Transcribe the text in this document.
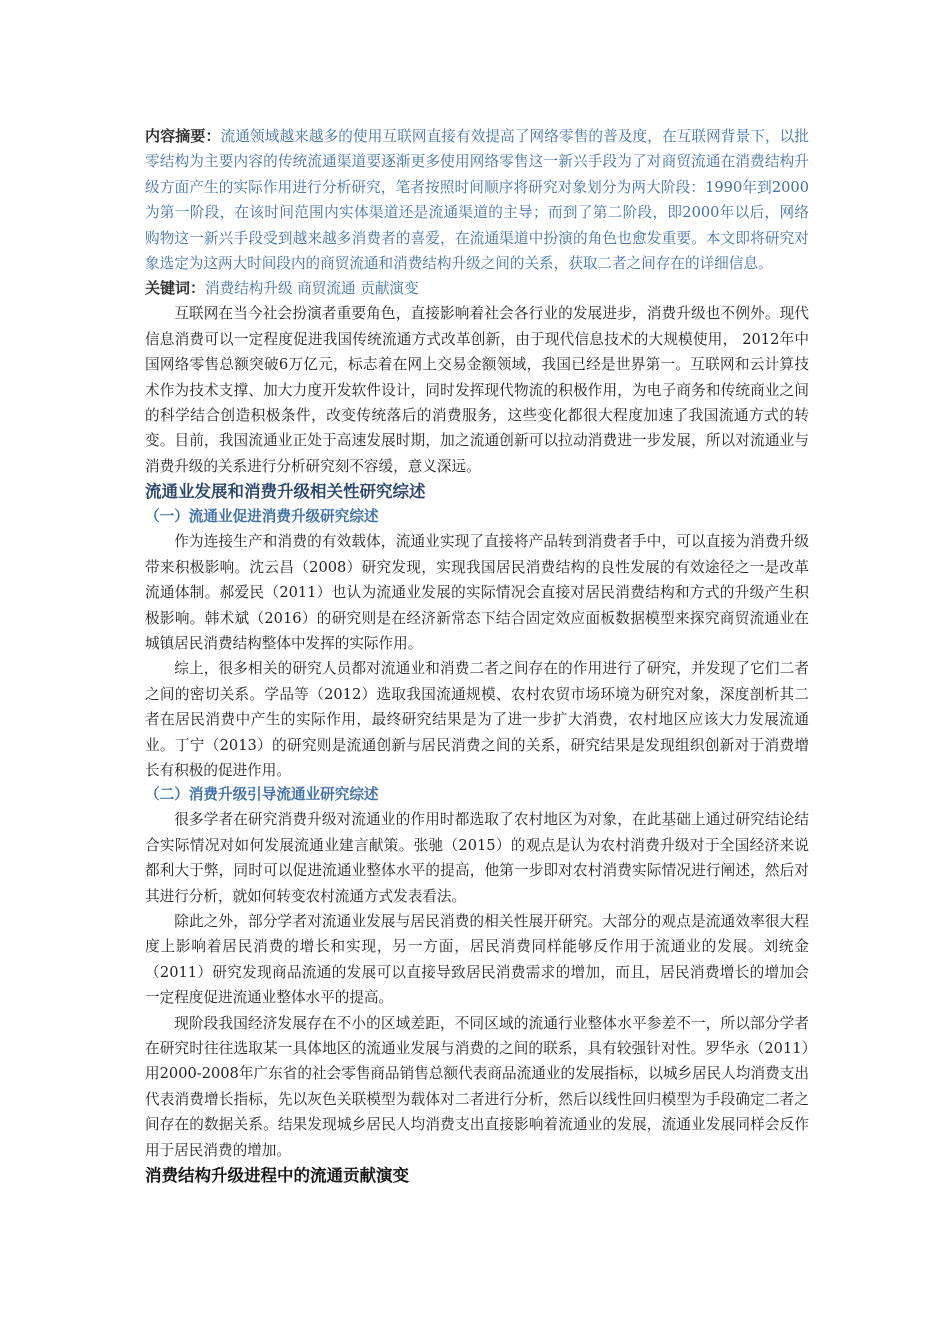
内容摘要：流通领域越来越多的使用互联网直接有效提高了网络零售的普及度，在互联网背景下，以批零结构为主要内容的传统流通渠道要逐渐更多使用网络零售这一新兴手段为了对商贸流通在消费结构升级方面产生的实际作用进行分析研究，笔者按照时间顺序将研究对象划分为两大阶段：1990年到2000为第一阶段，在该时间范围内实体渠道还是流通渠道的主导；而到了第二阶段，即2000年以后，网络购物这一新兴手段受到越来越多消费者的喜爱，在流通渠道中扮演的角色也愈发重要。本文即将研究对象选定为这两大时间段内的商贸流通和消费结构升级之间的关系，获取二者之间存在的详细信息。

关键词：消费结构升级 商贸流通 贡献演变

互联网在当今社会扮演者重要角色，直接影响着社会各行业的发展进步，消费升级也不例外。现代信息消费可以一定程度促进我国传统流通方式改革创新，由于现代信息技术的大规模使用， 2012年中国网络零售总额突破6万亿元，标志着在网上交易金额领域，我国已经是世界第一。互联网和云计算技术作为技术支撑、加大力度开发软件设计，同时发挥现代物流的积极作用，为电子商务和传统商业之间的科学结合创造积极条件，改变传统落后的消费服务，这些变化都很大程度加速了我国流通方式的转变。目前，我国流通业正处于高速发展时期，加之流通创新可以拉动消费进一步发展，所以对流通业与消费升级的关系进行分析研究刻不容缓，意义深远。

流通业发展和消费升级相关性研究综述
（一）流通业促进消费升级研究综述

作为连接生产和消费的有效载体，流通业实现了直接将产品转到消费者手中，可以直接为消费升级带来积极影响。沈云昌（2008）研究发现，实现我国居民消费结构的良性发展的有效途径之一是改革流通体制。郝爱民（2011）也认为流通业发展的实际情况会直接对居民消费结构和方式的升级产生积极影响。韩术斌（2016）的研究则是在经济新常态下结合固定效应面板数据模型来探究商贸流通业在城镇居民消费结构整体中发挥的实际作用。

综上，很多相关的研究人员都对流通业和消费二者之间存在的作用进行了研究，并发现了它们二者之间的密切关系。学品等（2012）选取我国流通规模、农村农贸市场环境为研究对象，深度剖析其二者在居民消费中产生的实际作用，最终研究结果是为了进一步扩大消费，农村地区应该大力发展流通业。丁宁（2013）的研究则是流通创新与居民消费之间的关系，研究结果是发现组织创新对于消费增长有积极的促进作用。

（二）消费升级引导流通业研究综述

很多学者在研究消费升级对流通业的作用时都选取了农村地区为对象，在此基础上通过研究结论结合实际情况对如何发展流通业建言献策。张驰（2015）的观点是认为农村消费升级对于全国经济来说都利大于弊，同时可以促进流通业整体水平的提高，他第一步即对农村消费实际情况进行阐述，然后对其进行分析，就如何转变农村流通方式发表看法。

除此之外，部分学者对流通业发展与居民消费的相关性展开研究。大部分的观点是流通效率很大程度上影响着居民消费的增长和实现，另一方面，居民消费同样能够反作用于流通业的发展。刘统金（2011）研究发现商品流通的发展可以直接导致居民消费需求的增加，而且，居民消费增长的增加会一定程度促进流通业整体水平的提高。

现阶段我国经济发展存在不小的区域差距，不同区域的流通行业整体水平参差不一，所以部分学者在研究时往往选取某一具体地区的流通业发展与消费的之间的联系，具有较强针对性。罗华永（2011）用2000-2008年广东省的社会零售商品销售总额代表商品流通业的发展指标，以城乡居民人均消费支出代表消费增长指标，先以灰色关联模型为载体对二者进行分析，然后以线性回归模型为手段确定二者之间存在的数据关系。结果发现城乡居民人均消费支出直接影响着流通业的发展，流通业发展同样会反作用于居民消费的增加。

消费结构升级进程中的流通贡献演变
